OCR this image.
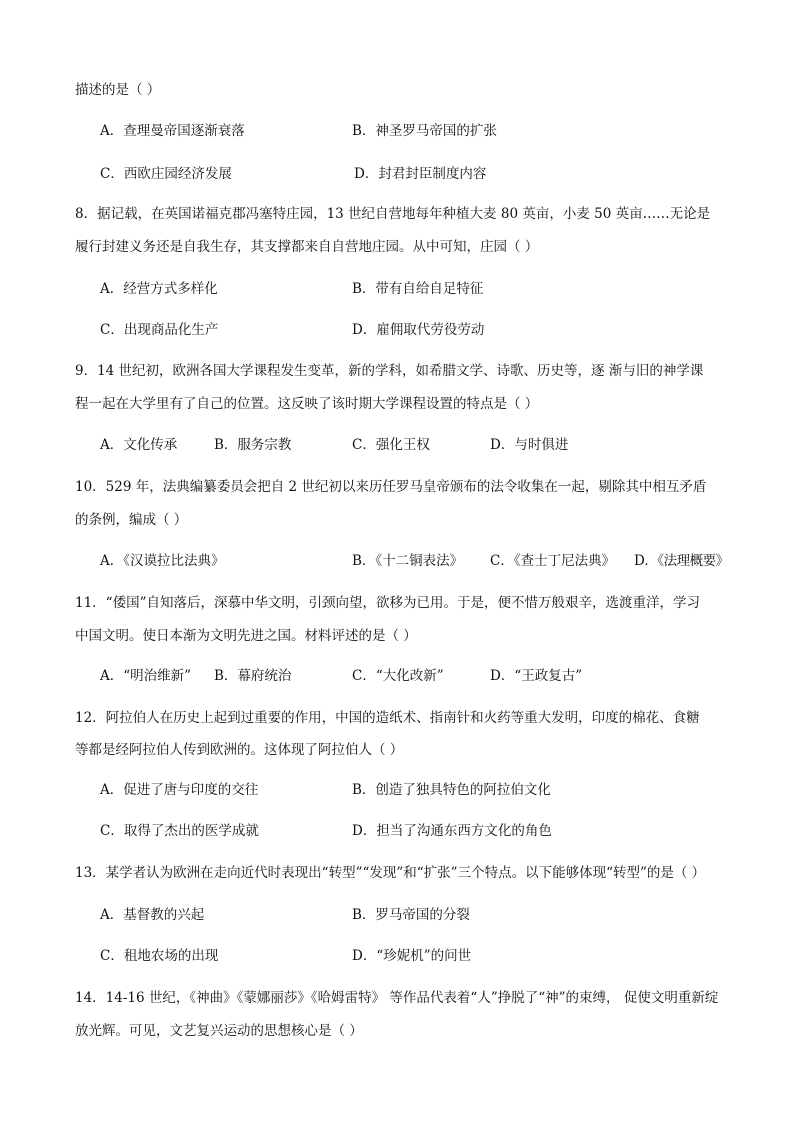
描述的是（ ）
A．查理曼帝国逐渐衰落	B．神圣罗马帝国的扩张
C．西欧庄园经济发展	D．封君封臣制度内容
8．据记载，在英国诺福克郡冯塞特庄园，13 世纪自营地每年种植大麦 80 英亩，小麦 50 英亩……无论是
履行封建义务还是自我生存，其支撑都来自自营地庄园。从中可知，庄园（ ）
A．经营方式多样化	B．带有自给自足特征
C．出现商品化生产	D．雇佣取代劳役劳动
9．14 世纪初，欧洲各国大学课程发生变革，新的学科，如希腊文学、诗歌、历史等，逐 渐与旧的神学课
程一起在大学里有了自己的位置。这反映了该时期大学课程设置的特点是（ ）
A．文化传承	B．服务宗教	C．强化王权	D．与时俱进
10．529 年，法典编纂委员会把自 2 世纪初以来历任罗马皇帝颁布的法令收集在一起，剔除其中相互矛盾
的条例，编成（ ）
A．《汉谟拉比法典》	B．《十二铜表法》 C．《查士丁尼法典》 D．《法理概要》
11．“倭国”自知落后，深慕中华文明，引颈向望，欲移为已用。于是，便不惜万般艰辛，选渡重洋，学习
中国文明。使日本渐为文明先进之国。材料评述的是（ ）
A．“明治维新” B．幕府统治	C．“大化改新”	D．“王政复古”
12．阿拉伯人在历史上起到过重要的作用，中国的造纸术、指南针和火药等重大发明，印度的棉花、食糖
等都是经阿拉伯人传到欧洲的。这体现了阿拉伯人（ ）
A．促进了唐与印度的交往	B．创造了独具特色的阿拉伯文化
C．取得了杰出的医学成就	D．担当了沟通东西方文化的角色
13．某学者认为欧洲在走向近代时表现出“转型”“发现”和“扩张”三个特点。以下能够体现“转型”的是（ ）
A．基督教的兴起	B．罗马帝国的分裂
C．租地农场的出现	D．“珍妮机”的问世
14．14-16 世纪，《神曲》《蒙娜丽莎》《哈姆雷特》 等作品代表着“人”挣脱了“神”的束缚， 促使文明重新绽
放光辉。可见，文艺复兴运动的思想核心是（ ）
